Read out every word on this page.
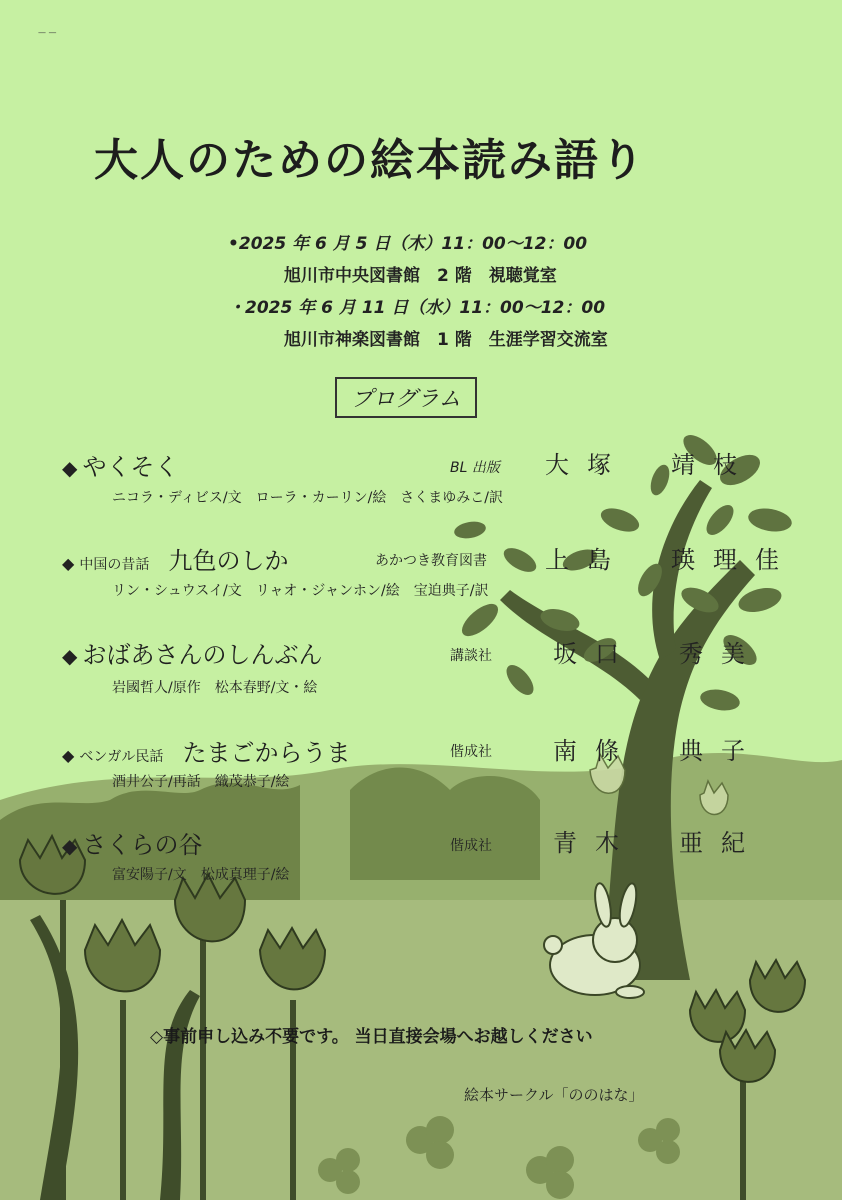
— —
大人のための絵本読み語り
•2025 年 6 月 5 日（木）11：00〜12：00
旭川市中央図書館　2 階　視聴覚室
・2025 年 6 月 11 日（水）11：00〜12：00
旭川市神楽図書館　1 階　生涯学習交流室
プログラム
◆ やくそく	BL 出版 大塚　靖枝
ニコラ・ディビス/文　ローラ・カーリン/絵　さくまゆみこ/訳
◆ 中国の昔話 九色のしか	あかつき教育図書 上島　瑛理佳
リン・シュウスイ/文　リャオ・ジャンホン/絵　宝迫典子/訳
◆ おばあさんのしんぶん	講談社	坂口　秀美
岩國哲人/原作　松本春野/文・絵
◆ ベンガル民話 たまごからうま	偕成社	南條　典子
酒井公子/再話　織茂恭子/絵
◆ さくらの谷	偕成社	青木　亜紀
富安陽子/文　松成真理子/絵
◇事前申し込み不要です。 当日直接会場へお越しください
絵本サークル「ののはな」
